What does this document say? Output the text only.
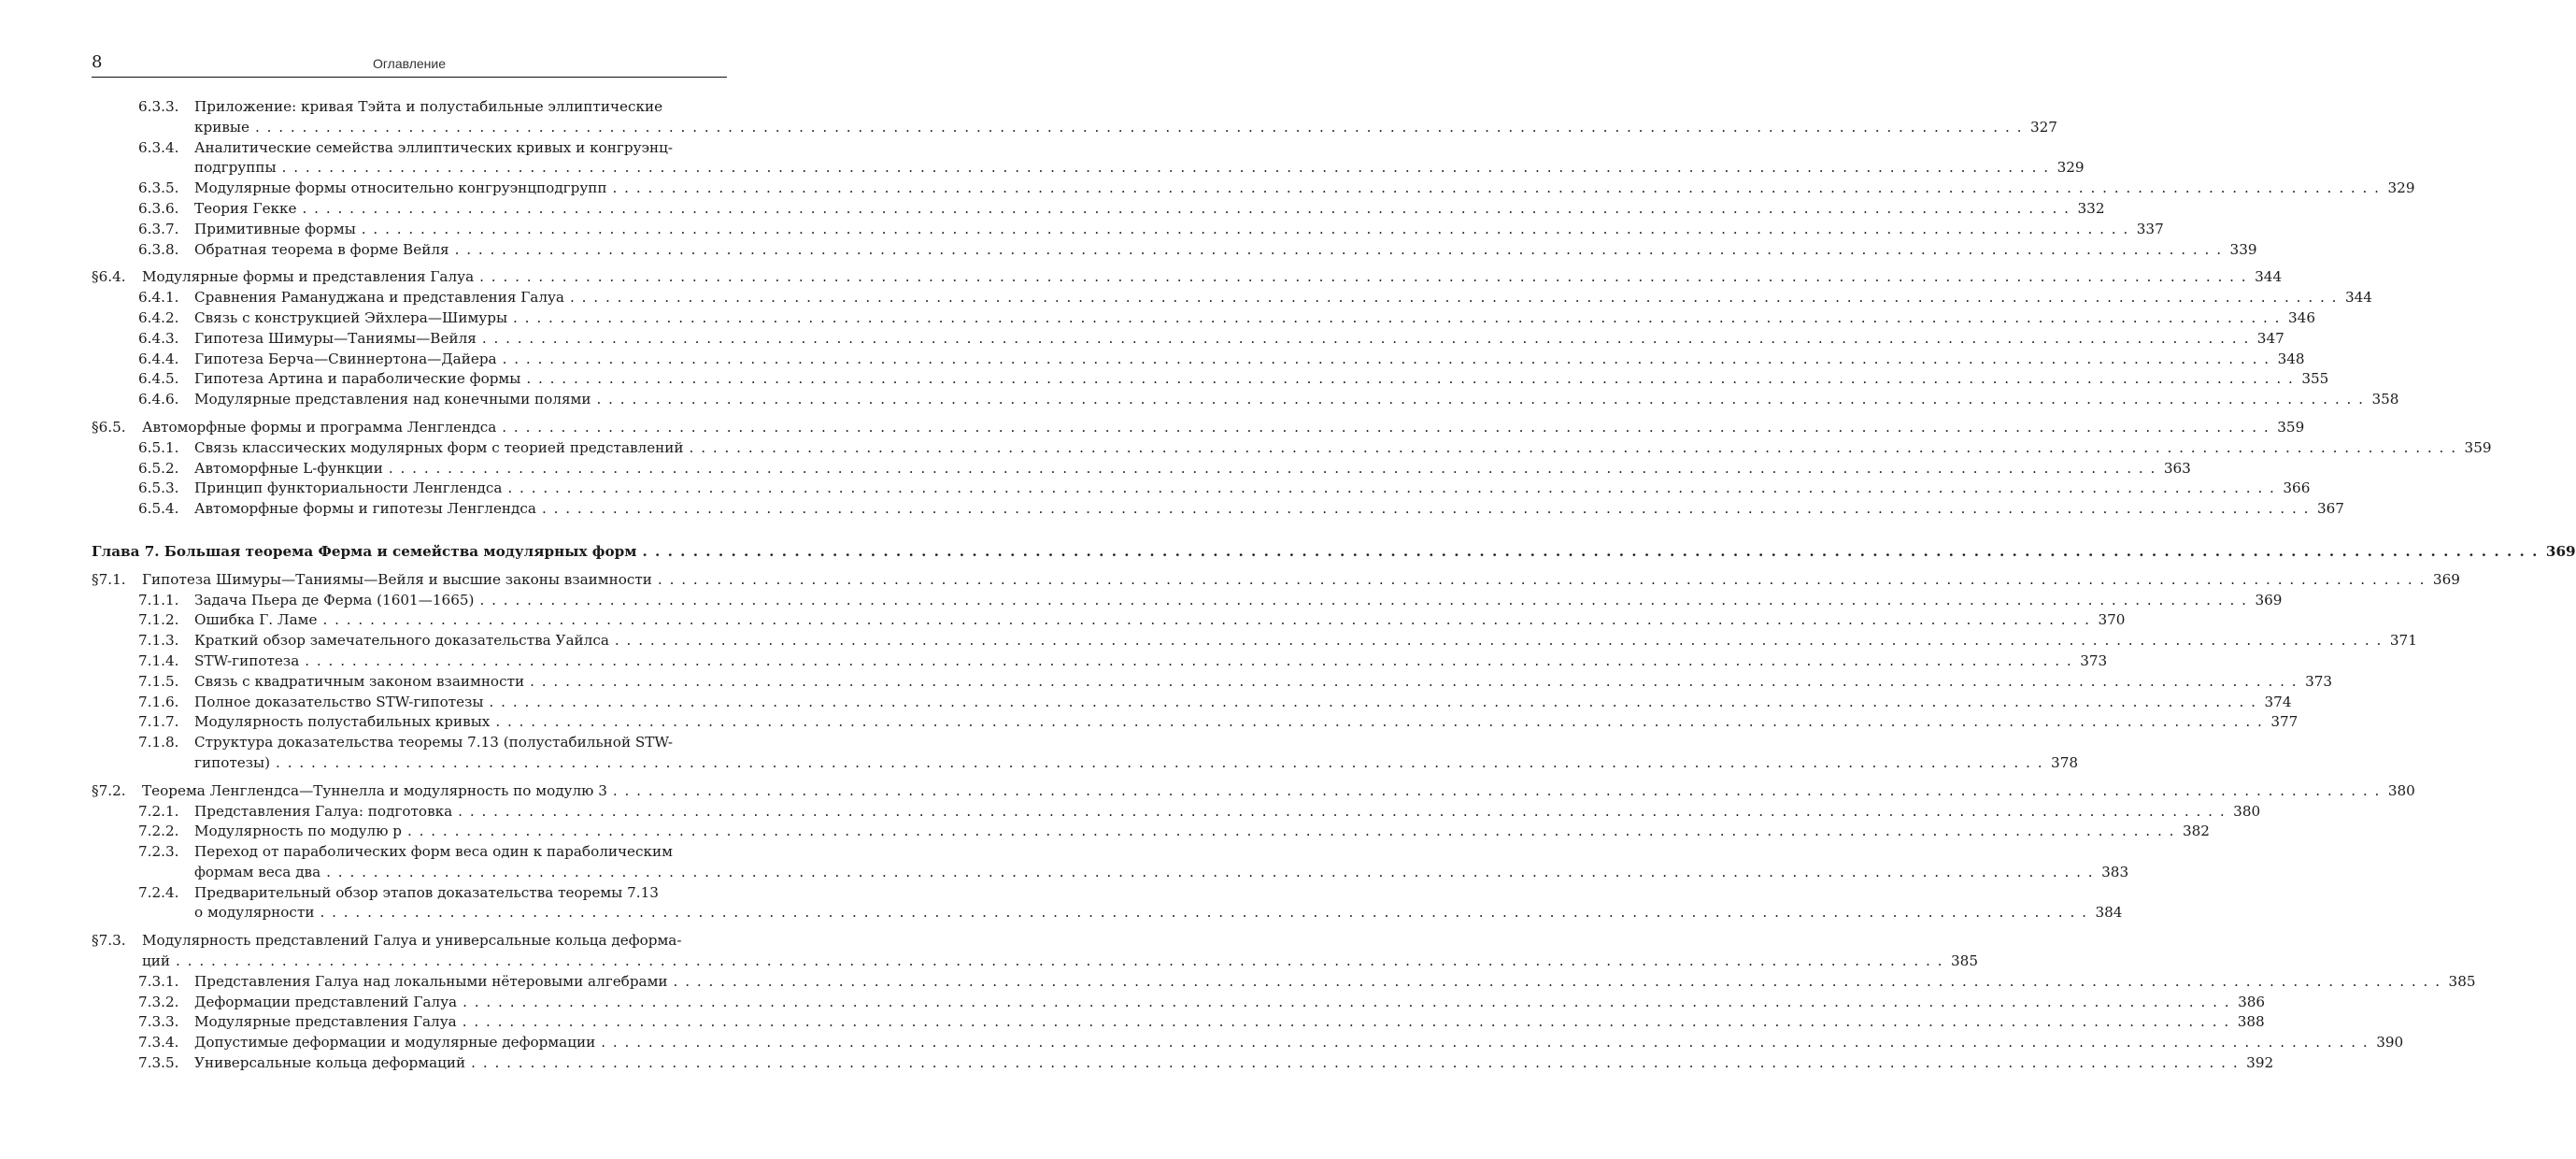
8	Оглавление
6.3.3. Приложение: кривая Тэйта и полустабильные эллиптические
кривые . . . . . . . . . . . . . . . . . . . . . . . . . . . . . . . . . . . . . . . . . . . . . . . . . . . . . . . . . . . . . . . . . . . . . . . . . . . . . . . . . . . . . . . . . . . . . . . . . . . . . . . . . . . . . . . . . . . . . . . . . . . . . . . . . . . . . . . . . . . . . . . . . . . . . . 327
6.3.4. Аналитические семейства эллиптических кривых и конгруэнц-
подгруппы . . . . . . . . . . . . . . . . . . . . . . . . . . . . . . . . . . . . . . . . . . . . . . . . . . . . . . . . . . . . . . . . . . . . . . . . . . . . . . . . . . . . . . . . . . . . . . . . . . . . . . . . . . . . . . . . . . . . . . . . . . . . . . . . . . . . . . . . . . . . . . . . . . . . . . 329
6.3.5. Модулярные формы относительно конгруэнцподгрупп . . . . . . . . . . . . . . . . . . . . . . . . . . . . . . . . . . . . . . . . . . . . . . . . . . . . . . . . . . . . . . . . . . . . . . . . . . . . . . . . . . . . . . . . . . . . . . . . . . . . . . . . . . . . . . . . . . . . . . . . . . . . . . . . . . . . . . . . . . . . . . . . . . . . . . 329
6.3.6. Теория Гекке . . . . . . . . . . . . . . . . . . . . . . . . . . . . . . . . . . . . . . . . . . . . . . . . . . . . . . . . . . . . . . . . . . . . . . . . . . . . . . . . . . . . . . . . . . . . . . . . . . . . . . . . . . . . . . . . . . . . . . . . . . . . . . . . . . . . . . . . . . . . . . . . . . . . . . 332
6.3.7. Примитивные формы . . . . . . . . . . . . . . . . . . . . . . . . . . . . . . . . . . . . . . . . . . . . . . . . . . . . . . . . . . . . . . . . . . . . . . . . . . . . . . . . . . . . . . . . . . . . . . . . . . . . . . . . . . . . . . . . . . . . . . . . . . . . . . . . . . . . . . . . . . . . . . . . . . . . . . 337
6.3.8. Обратная теорема в форме Вейля . . . . . . . . . . . . . . . . . . . . . . . . . . . . . . . . . . . . . . . . . . . . . . . . . . . . . . . . . . . . . . . . . . . . . . . . . . . . . . . . . . . . . . . . . . . . . . . . . . . . . . . . . . . . . . . . . . . . . . . . . . . . . . . . . . . . . . . . . . . . . . . . . . . . . . 339
§6.4. Модулярные формы и представления Галуа . . . . . . . . . . . . . . . . . . . . . . . . . . . . . . . . . . . . . . . . . . . . . . . . . . . . . . . . . . . . . . . . . . . . . . . . . . . . . . . . . . . . . . . . . . . . . . . . . . . . . . . . . . . . . . . . . . . . . . . . . . . . . . . . . . . . . . . . . . . . . . . . . . . . . . 344
6.4.1. Сравнения Рамануджана и представления Галуа . . . . . . . . . . . . . . . . . . . . . . . . . . . . . . . . . . . . . . . . . . . . . . . . . . . . . . . . . . . . . . . . . . . . . . . . . . . . . . . . . . . . . . . . . . . . . . . . . . . . . . . . . . . . . . . . . . . . . . . . . . . . . . . . . . . . . . . . . . . . . . . . . . . . . . 344
6.4.2. Связь с конструкцией Эйхлера—Шимуры . . . . . . . . . . . . . . . . . . . . . . . . . . . . . . . . . . . . . . . . . . . . . . . . . . . . . . . . . . . . . . . . . . . . . . . . . . . . . . . . . . . . . . . . . . . . . . . . . . . . . . . . . . . . . . . . . . . . . . . . . . . . . . . . . . . . . . . . . . . . . . . . . . . . . . 346
6.4.3. Гипотеза Шимуры—Таниямы—Вейля . . . . . . . . . . . . . . . . . . . . . . . . . . . . . . . . . . . . . . . . . . . . . . . . . . . . . . . . . . . . . . . . . . . . . . . . . . . . . . . . . . . . . . . . . . . . . . . . . . . . . . . . . . . . . . . . . . . . . . . . . . . . . . . . . . . . . . . . . . . . . . . . . . . . . . 347
6.4.4. Гипотеза Берча—Свиннертона—Дайера . . . . . . . . . . . . . . . . . . . . . . . . . . . . . . . . . . . . . . . . . . . . . . . . . . . . . . . . . . . . . . . . . . . . . . . . . . . . . . . . . . . . . . . . . . . . . . . . . . . . . . . . . . . . . . . . . . . . . . . . . . . . . . . . . . . . . . . . . . . . . . . . . . . . . . 348
6.4.5. Гипотеза Артина и параболические формы . . . . . . . . . . . . . . . . . . . . . . . . . . . . . . . . . . . . . . . . . . . . . . . . . . . . . . . . . . . . . . . . . . . . . . . . . . . . . . . . . . . . . . . . . . . . . . . . . . . . . . . . . . . . . . . . . . . . . . . . . . . . . . . . . . . . . . . . . . . . . . . . . . . . . . 355
6.4.6. Модулярные представления над конечными полями . . . . . . . . . . . . . . . . . . . . . . . . . . . . . . . . . . . . . . . . . . . . . . . . . . . . . . . . . . . . . . . . . . . . . . . . . . . . . . . . . . . . . . . . . . . . . . . . . . . . . . . . . . . . . . . . . . . . . . . . . . . . . . . . . . . . . . . . . . . . . . . . . . . . . . 358
§6.5. Автоморфные формы и программа Ленглендса . . . . . . . . . . . . . . . . . . . . . . . . . . . . . . . . . . . . . . . . . . . . . . . . . . . . . . . . . . . . . . . . . . . . . . . . . . . . . . . . . . . . . . . . . . . . . . . . . . . . . . . . . . . . . . . . . . . . . . . . . . . . . . . . . . . . . . . . . . . . . . . . . . . . . . 359
6.5.1. Связь классических модулярных форм с теорией представлений . . . . . . . . . . . . . . . . . . . . . . . . . . . . . . . . . . . . . . . . . . . . . . . . . . . . . . . . . . . . . . . . . . . . . . . . . . . . . . . . . . . . . . . . . . . . . . . . . . . . . . . . . . . . . . . . . . . . . . . . . . . . . . . . . . . . . . . . . . . . . . . . . . . . . . 359
6.5.2. Автоморфные L-функции . . . . . . . . . . . . . . . . . . . . . . . . . . . . . . . . . . . . . . . . . . . . . . . . . . . . . . . . . . . . . . . . . . . . . . . . . . . . . . . . . . . . . . . . . . . . . . . . . . . . . . . . . . . . . . . . . . . . . . . . . . . . . . . . . . . . . . . . . . . . . . . . . . . . . . 363
6.5.3. Принцип функториальности Ленглендса . . . . . . . . . . . . . . . . . . . . . . . . . . . . . . . . . . . . . . . . . . . . . . . . . . . . . . . . . . . . . . . . . . . . . . . . . . . . . . . . . . . . . . . . . . . . . . . . . . . . . . . . . . . . . . . . . . . . . . . . . . . . . . . . . . . . . . . . . . . . . . . . . . . . . . 366
6.5.4. Автоморфные формы и гипотезы Ленглендса . . . . . . . . . . . . . . . . . . . . . . . . . . . . . . . . . . . . . . . . . . . . . . . . . . . . . . . . . . . . . . . . . . . . . . . . . . . . . . . . . . . . . . . . . . . . . . . . . . . . . . . . . . . . . . . . . . . . . . . . . . . . . . . . . . . . . . . . . . . . . . . . . . . . . . 367
Глава 7. Большая теорема Ферма и семейства модулярных форм . . . . . . . . . . . . . . . . . . . . . . . . . . . . . . . . . . . . . . . . . . . . . . . . . . . . . . . . . . . . . . . . . . . . . . . . . . . . . . . . . . . . . . . . . . . . . . . . . . . . . . . . . . . . . . . . . . . . . . . . . . . . . . . . . . . . . . . . . . . . . . . . . . . . . . 369
§7.1. Гипотеза Шимуры—Таниямы—Вейля и высшие законы взаимности . . . . . . . . . . . . . . . . . . . . . . . . . . . . . . . . . . . . . . . . . . . . . . . . . . . . . . . . . . . . . . . . . . . . . . . . . . . . . . . . . . . . . . . . . . . . . . . . . . . . . . . . . . . . . . . . . . . . . . . . . . . . . . . . . . . . . . . . . . . . . . . . . . . . . . 369
7.1.1. Задача Пьера де Ферма (1601—1665) . . . . . . . . . . . . . . . . . . . . . . . . . . . . . . . . . . . . . . . . . . . . . . . . . . . . . . . . . . . . . . . . . . . . . . . . . . . . . . . . . . . . . . . . . . . . . . . . . . . . . . . . . . . . . . . . . . . . . . . . . . . . . . . . . . . . . . . . . . . . . . . . . . . . . . 369
7.1.2. Ошибка Г. Ламе . . . . . . . . . . . . . . . . . . . . . . . . . . . . . . . . . . . . . . . . . . . . . . . . . . . . . . . . . . . . . . . . . . . . . . . . . . . . . . . . . . . . . . . . . . . . . . . . . . . . . . . . . . . . . . . . . . . . . . . . . . . . . . . . . . . . . . . . . . . . . . . . . . . . . . 370
7.1.3. Краткий обзор замечательного доказательства Уайлса . . . . . . . . . . . . . . . . . . . . . . . . . . . . . . . . . . . . . . . . . . . . . . . . . . . . . . . . . . . . . . . . . . . . . . . . . . . . . . . . . . . . . . . . . . . . . . . . . . . . . . . . . . . . . . . . . . . . . . . . . . . . . . . . . . . . . . . . . . . . . . . . . . . . . . 371
7.1.4. STW-гипотеза . . . . . . . . . . . . . . . . . . . . . . . . . . . . . . . . . . . . . . . . . . . . . . . . . . . . . . . . . . . . . . . . . . . . . . . . . . . . . . . . . . . . . . . . . . . . . . . . . . . . . . . . . . . . . . . . . . . . . . . . . . . . . . . . . . . . . . . . . . . . . . . . . . . . . . 373
7.1.5. Связь с квадратичным законом взаимности . . . . . . . . . . . . . . . . . . . . . . . . . . . . . . . . . . . . . . . . . . . . . . . . . . . . . . . . . . . . . . . . . . . . . . . . . . . . . . . . . . . . . . . . . . . . . . . . . . . . . . . . . . . . . . . . . . . . . . . . . . . . . . . . . . . . . . . . . . . . . . . . . . . . . . 373
7.1.6. Полное доказательство STW-гипотезы . . . . . . . . . . . . . . . . . . . . . . . . . . . . . . . . . . . . . . . . . . . . . . . . . . . . . . . . . . . . . . . . . . . . . . . . . . . . . . . . . . . . . . . . . . . . . . . . . . . . . . . . . . . . . . . . . . . . . . . . . . . . . . . . . . . . . . . . . . . . . . . . . . . . . . 374
7.1.7. Модулярность полустабильных кривых . . . . . . . . . . . . . . . . . . . . . . . . . . . . . . . . . . . . . . . . . . . . . . . . . . . . . . . . . . . . . . . . . . . . . . . . . . . . . . . . . . . . . . . . . . . . . . . . . . . . . . . . . . . . . . . . . . . . . . . . . . . . . . . . . . . . . . . . . . . . . . . . . . . . . . 377
7.1.8. Структура доказательства теоремы 7.13 (полустабильной STW-
гипотезы) . . . . . . . . . . . . . . . . . . . . . . . . . . . . . . . . . . . . . . . . . . . . . . . . . . . . . . . . . . . . . . . . . . . . . . . . . . . . . . . . . . . . . . . . . . . . . . . . . . . . . . . . . . . . . . . . . . . . . . . . . . . . . . . . . . . . . . . . . . . . . . . . . . . . . . 378
§7.2. Теорема Ленглендса—Туннелла и модулярность по модулю 3 . . . . . . . . . . . . . . . . . . . . . . . . . . . . . . . . . . . . . . . . . . . . . . . . . . . . . . . . . . . . . . . . . . . . . . . . . . . . . . . . . . . . . . . . . . . . . . . . . . . . . . . . . . . . . . . . . . . . . . . . . . . . . . . . . . . . . . . . . . . . . . . . . . . . . . 380
7.2.1. Представления Галуа: подготовка . . . . . . . . . . . . . . . . . . . . . . . . . . . . . . . . . . . . . . . . . . . . . . . . . . . . . . . . . . . . . . . . . . . . . . . . . . . . . . . . . . . . . . . . . . . . . . . . . . . . . . . . . . . . . . . . . . . . . . . . . . . . . . . . . . . . . . . . . . . . . . . . . . . . . . 380
7.2.2. Модулярность по модулю p . . . . . . . . . . . . . . . . . . . . . . . . . . . . . . . . . . . . . . . . . . . . . . . . . . . . . . . . . . . . . . . . . . . . . . . . . . . . . . . . . . . . . . . . . . . . . . . . . . . . . . . . . . . . . . . . . . . . . . . . . . . . . . . . . . . . . . . . . . . . . . . . . . . . . . 382
7.2.3. Переход от параболических форм веса один к параболическим
формам веса два . . . . . . . . . . . . . . . . . . . . . . . . . . . . . . . . . . . . . . . . . . . . . . . . . . . . . . . . . . . . . . . . . . . . . . . . . . . . . . . . . . . . . . . . . . . . . . . . . . . . . . . . . . . . . . . . . . . . . . . . . . . . . . . . . . . . . . . . . . . . . . . . . . . . . . 383
7.2.4. Предварительный обзор этапов доказательства теоремы 7.13
о модулярности . . . . . . . . . . . . . . . . . . . . . . . . . . . . . . . . . . . . . . . . . . . . . . . . . . . . . . . . . . . . . . . . . . . . . . . . . . . . . . . . . . . . . . . . . . . . . . . . . . . . . . . . . . . . . . . . . . . . . . . . . . . . . . . . . . . . . . . . . . . . . . . . . . . . . . 384
§7.3. Модулярность представлений Галуа и универсальные кольца деформа-
ций . . . . . . . . . . . . . . . . . . . . . . . . . . . . . . . . . . . . . . . . . . . . . . . . . . . . . . . . . . . . . . . . . . . . . . . . . . . . . . . . . . . . . . . . . . . . . . . . . . . . . . . . . . . . . . . . . . . . . . . . . . . . . . . . . . . . . . . . . . . . . . . . . . . . . . 385
7.3.1. Представления Галуа над локальными нётеровыми алгебрами . . . . . . . . . . . . . . . . . . . . . . . . . . . . . . . . . . . . . . . . . . . . . . . . . . . . . . . . . . . . . . . . . . . . . . . . . . . . . . . . . . . . . . . . . . . . . . . . . . . . . . . . . . . . . . . . . . . . . . . . . . . . . . . . . . . . . . . . . . . . . . . . . . . . . . 385
7.3.2. Деформации представлений Галуа . . . . . . . . . . . . . . . . . . . . . . . . . . . . . . . . . . . . . . . . . . . . . . . . . . . . . . . . . . . . . . . . . . . . . . . . . . . . . . . . . . . . . . . . . . . . . . . . . . . . . . . . . . . . . . . . . . . . . . . . . . . . . . . . . . . . . . . . . . . . . . . . . . . . . . 386
7.3.3. Модулярные представления Галуа . . . . . . . . . . . . . . . . . . . . . . . . . . . . . . . . . . . . . . . . . . . . . . . . . . . . . . . . . . . . . . . . . . . . . . . . . . . . . . . . . . . . . . . . . . . . . . . . . . . . . . . . . . . . . . . . . . . . . . . . . . . . . . . . . . . . . . . . . . . . . . . . . . . . . . 388
7.3.4. Допустимые деформации и модулярные деформации . . . . . . . . . . . . . . . . . . . . . . . . . . . . . . . . . . . . . . . . . . . . . . . . . . . . . . . . . . . . . . . . . . . . . . . . . . . . . . . . . . . . . . . . . . . . . . . . . . . . . . . . . . . . . . . . . . . . . . . . . . . . . . . . . . . . . . . . . . . . . . . . . . . . . . 390
7.3.5. Универсальные кольца деформаций . . . . . . . . . . . . . . . . . . . . . . . . . . . . . . . . . . . . . . . . . . . . . . . . . . . . . . . . . . . . . . . . . . . . . . . . . . . . . . . . . . . . . . . . . . . . . . . . . . . . . . . . . . . . . . . . . . . . . . . . . . . . . . . . . . . . . . . . . . . . . . . . . . . . . . 392
